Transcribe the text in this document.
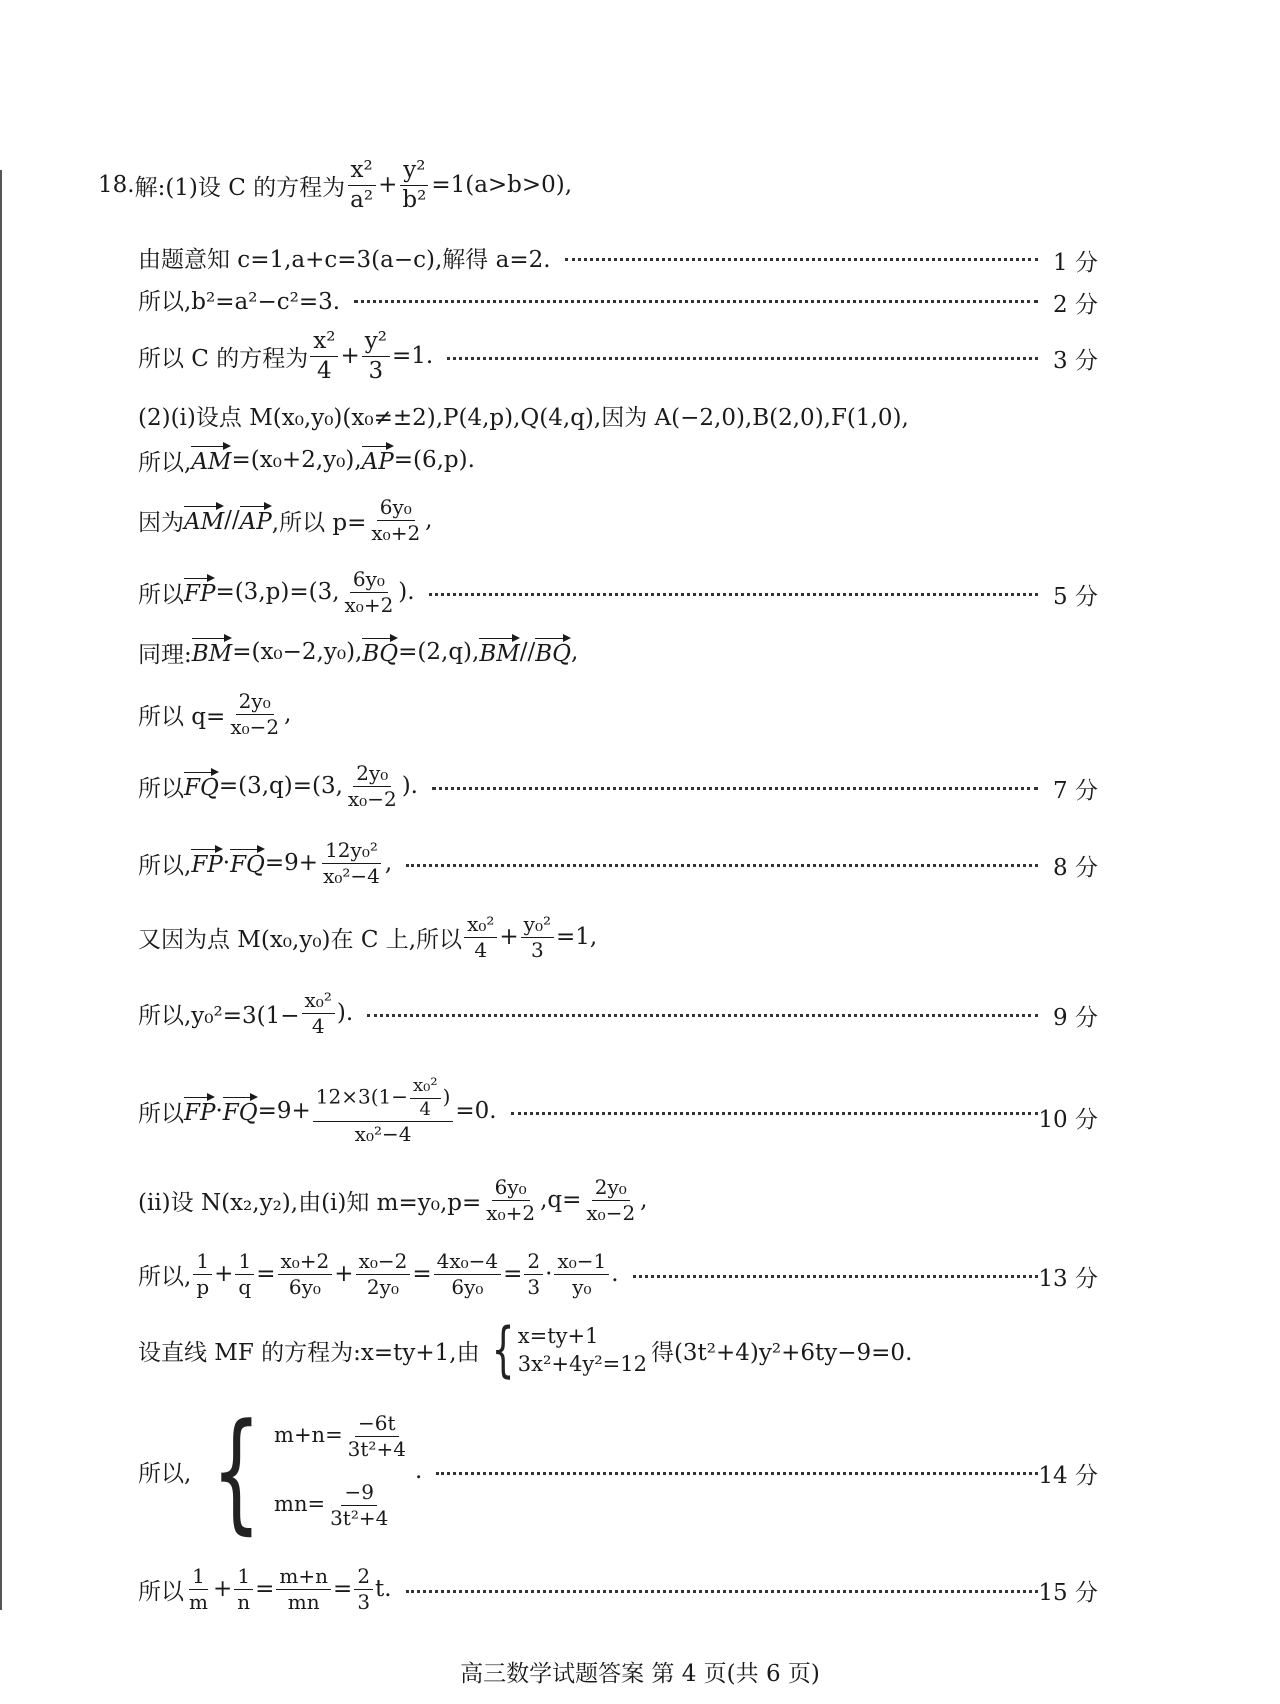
18. 解:(1)设 C 的方程为 $\frac{\text{x²}}{\text{a²}} + \frac{\text{y²}}{\text{b²}} =1(a>b>0)$,
由题意知 c=1,a+c=3(a−c),解得 a=2.	1 分
所以,b²=a²−c²=3.	2 分
所以 C 的方程为 $\frac{\text{x²}}{4} + \frac{\text{y²}}{3} =1$.	3 分
(2)(i)设点 M(x₀,y₀)(x₀≠±2),P(4,p),Q(4,q),因为 A(−2,0),B(2,0),F(1,0),
所以, AM =(x₀+2,y₀), AP =(6,p).
因为 AM // AP ,所以 $p= \frac{\text{6y₀}}{\text{x₀+2}}$ ,
所以 FP =(3,p)=(3, $\frac{\text{6y₀}}{\text{x₀+2}}$ ).	5 分
同理: BM =(x₀−2,y₀), BQ =(2,q), BM // BQ ,
所以 $q= \frac{\text{2y₀}}{\text{x₀−2}}$ ,
所以 FQ =(3,q)=(3, $\frac{\text{2y₀}}{\text{x₀−2}}$ ).	7 分
所以, FP · FQ $=9+ \frac{\text{12y₀²}}{\text{x₀²−4}}$ ,	8 分
又因为点 M(x₀,y₀)在 C 上,所以 $\frac{\text{x₀²}}{4} + \frac{\text{y₀²}}{3} =1$,
所以$,y_0^2=3(1- \frac{\text{x₀²}}{4}$ ).	9 分
所以 FP · FQ $=9+ \frac{12\times 3(1- \frac{\text{x₀²}}{4} )}{\text{x₀²−4}} =0$.	10 分
(ii)设 N(x₂,y₂),由(i)知 $m=y_0,p= \frac{\text{6y₀}}{\text{x₀+2}} ,q= \frac{\text{2y₀}}{\text{x₀−2}}$ ,
所以, $\frac{1}{p} + \frac{1}{q} = \frac{\text{x₀+2}}{\text{6y₀}} + \frac{\text{x₀−2}}{\text{2y₀}} = \frac{\text{4x₀−4}}{\text{6y₀}} = \frac{2}{3} \cdot \frac{\text{x₀−1}}{\text{y₀}}$ .	13 分
设直线 MF 的方程为:x=ty+1,由 { x=ty+1
3x²+4y²=12 得(3t²+4)y²+6ty−9=0.
所以, { $m+n= \frac{-6t}{\text{3t²+4}}$
$mn= \frac{-9}{\text{3t²+4}}$
.	14 分
所以 $\frac{1}{m} + \frac{1}{n} = \frac{m+n}{mn} = \frac{2}{3} t$.	15 分
高三数学试题答案 第 4 页(共 6 页)
